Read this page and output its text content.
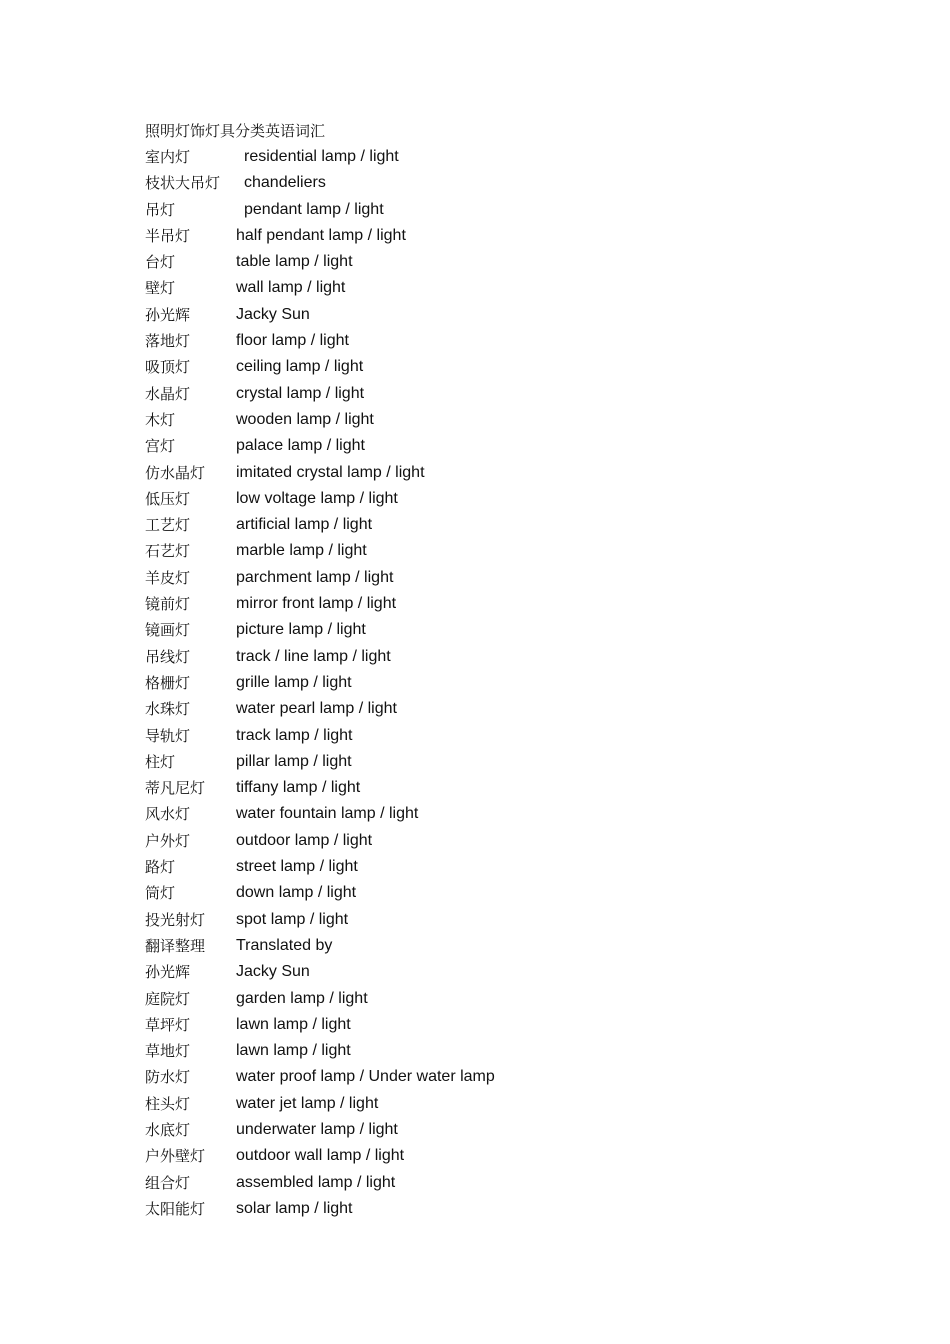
照明灯饰灯具分类英语词汇
室内灯	residential lamp / light
枝状大吊灯 chandeliers
吊灯	pendant lamp / light
半吊灯	half pendant lamp / light
台灯	table lamp / light
壁灯	wall lamp / light
孙光辉	Jacky Sun
落地灯	floor lamp / light
吸顶灯	ceiling lamp / light
水晶灯	crystal lamp / light
木灯	wooden lamp / light
宫灯	palace lamp / light
仿水晶灯 imitated crystal lamp / light
低压灯	low voltage lamp / light
工艺灯	artificial lamp / light
石艺灯	marble lamp / light
羊皮灯	parchment lamp / light
镜前灯	mirror front lamp / light
镜画灯	picture lamp / light
吊线灯	track / line lamp / light
格栅灯	grille lamp / light
水珠灯	water pearl lamp / light
导轨灯	track lamp / light
柱灯	pillar lamp / light
蒂凡尼灯 tiffany lamp / light
风水灯	water fountain lamp / light
户外灯	outdoor lamp / light
路灯	street lamp / light
筒灯	down lamp / light
投光射灯 spot lamp / light
翻译整理 Translated by
孙光辉	Jacky Sun
庭院灯	garden lamp / light
草坪灯	lawn lamp / light
草地灯	lawn lamp / light
防水灯	water proof lamp / Under water lamp
柱头灯	water jet lamp / light
水底灯	underwater lamp / light
户外壁灯 outdoor wall lamp / light
组合灯	assembled lamp / light
太阳能灯 solar lamp / light
